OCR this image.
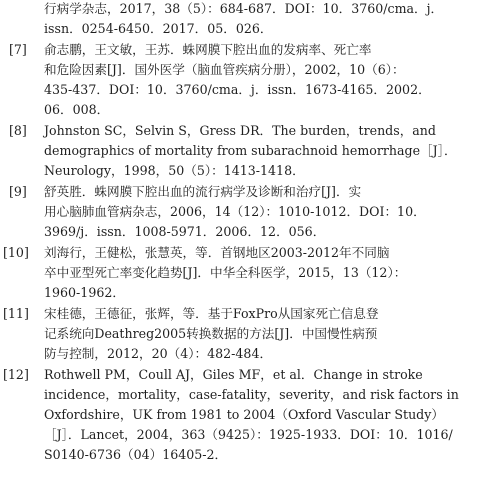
行病学杂志，2017，38（5）：684-687．DOI：10．3760/cma．j．
issn．0254-6450．2017．05．026．
[7] 俞志鹏，王文敏，王苏．蛛网膜下腔出血的发病率、死亡率
和危险因素[J]．国外医学（脑血管疾病分册），2002，10（6）：
435-437．DOI：10．3760/cma．j．issn．1673-4165．2002．
06．008．
[8] Johnston SC，Selvin S，Gress DR．The burden，trends，and
demographics of mortality from subarachnoid hemorrhage［J］．
Neurology，1998，50（5）：1413-1418．
[9] 舒英胜．蛛网膜下腔出血的流行病学及诊断和治疗[J]．实
用心脑肺血管病杂志，2006，14（12）：1010-1012．DOI：10．
3969/j．issn．1008-5971．2006．12．056．
[10] 刘海行，王健松，张慧英，等．首钢地区2003-2012年不同脑
卒中亚型死亡率变化趋势[J]．中华全科医学，2015，13（12）：
1960-1962．
[11] 宋桂德，王德征，张辉，等．基于FoxPro从国家死亡信息登
记系统向Deathreg2005转换数据的方法[J]．中国慢性病预
防与控制，2012，20（4）：482-484．
[12] Rothwell PM，Coull AJ，Giles MF，et al．Change in stroke
incidence，mortality，case-fatality，severity，and risk factors in
Oxfordshire，UK from 1981 to 2004（Oxford Vascular Study）
［J］．Lancet，2004，363（9425）：1925-1933．DOI：10．1016/
S0140-6736（04）16405-2．
